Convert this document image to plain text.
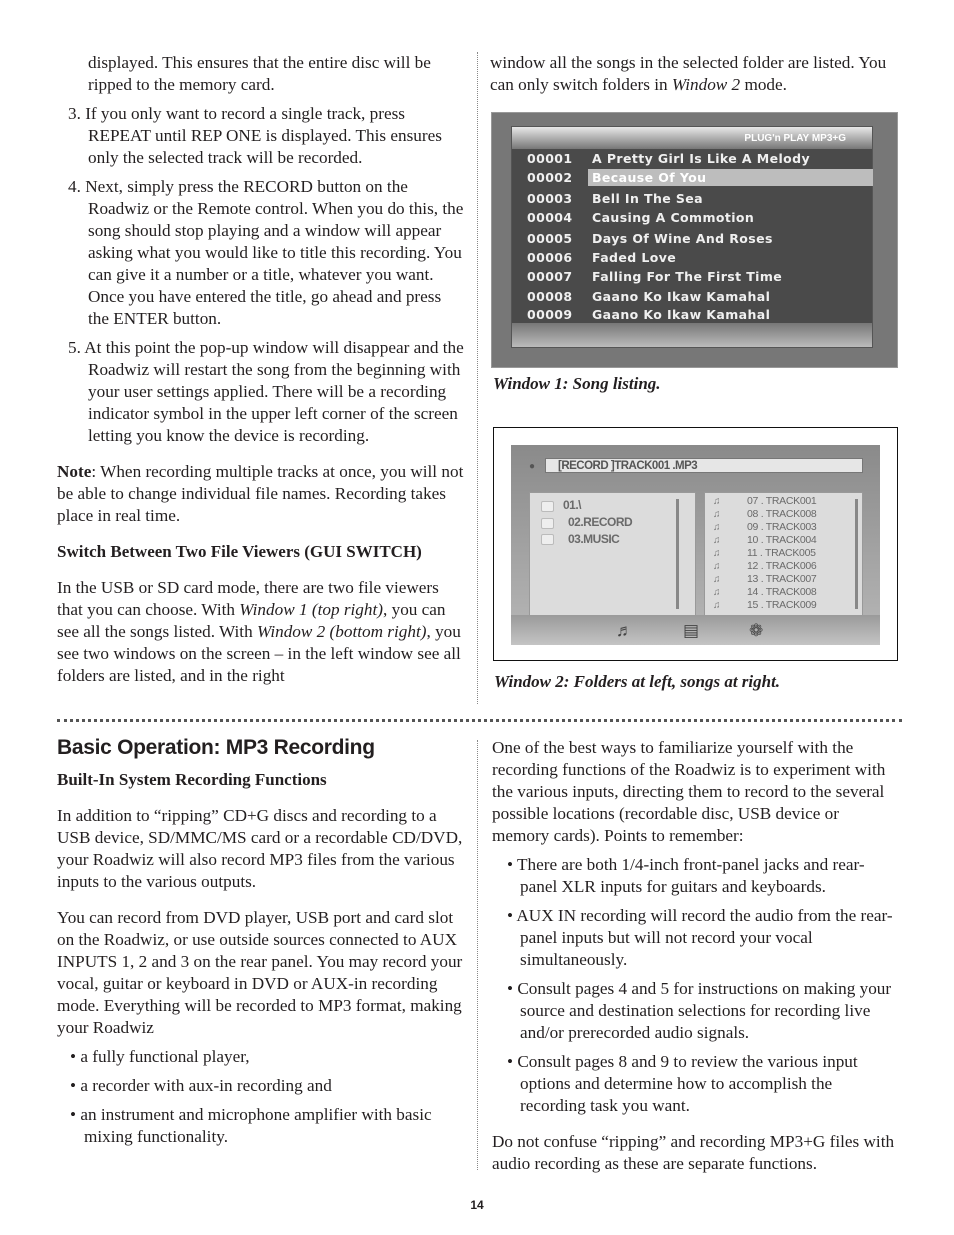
displayed. This ensures that the entire disc will be ripped to the memory card.
3. If you only want to record a single track, press REPEAT until REP ONE is displayed. This ensures only the selected track will be recorded.
4. Next, simply press the RECORD button on the Roadwiz or the Remote control. When you do this, the song should stop playing and a window will appear asking what you would like to title this recording. You can give it a number or a title, whatever you want. Once you have entered the title, go ahead and press the ENTER button.
5. At this point the pop-up window will disappear and the Roadwiz will restart the song from the beginning with your user settings applied. There will be a recording indicator symbol in the upper left corner of the screen letting you know the device is recording.

Note: When recording multiple tracks at once, you will not be able to change individual file names. Recording takes place in real time.

Switch Between Two File Viewers (GUI SWITCH)

In the USB or SD card mode, there are two file viewers that you can choose. With Window 1 (top right), you can see all the songs listed. With Window 2 (bottom right), you see two windows on the screen – in the left window see all folders are listed, and in the right

window all the songs in the selected folder are listed. You can only switch folders in Window 2 mode.

PLUG'n PLAY MP3+G
00001 A Pretty Girl Is Like A Melody
00002 Because Of You
00003 Bell In The Sea
00004 Causing A Commotion
00005 Days Of Wine And Roses
00006 Faded Love
00007 Falling For The First Time
00008 Gaano Ko Ikaw Kamahal
00009 Gaano Ko Ikaw Kamahal
Window 1: Song listing.
●	[RECORD ]TRACK001 .MP3
01.\
02.RECORD
03.MUSIC
♫	07 . TRACK001
♫	08 . TRACK008
♫	09 . TRACK003
♫	10 . TRACK004
♫	11 . TRACK005
♫	12 . TRACK006
♫	13 . TRACK007
♫	14 . TRACK008
♫	15 . TRACK009
♬	▤	❁
Window 2: Folders at left, songs at right.
Basic Operation: MP3 Recording

Built-In System Recording Functions

In addition to “ripping” CD+G discs and recording to a USB device, SD/MMC/MS card or a recordable CD/DVD, your Roadwiz will also record MP3 files from the various inputs to the various outputs.

You can record from DVD player, USB port and card slot on the Roadwiz, or use outside sources connected to AUX INPUTS 1, 2 and 3 on the rear panel. You may record your vocal, guitar or keyboard in DVD or AUX-in recording mode. Everything will be recorded to MP3 format, making your Roadwiz

• a fully functional player,
• a recorder with aux-in recording and
• an instrument and microphone amplifier with basic mixing functionality.

One of the best ways to familiarize yourself with the recording functions of the Roadwiz is to experiment with the various inputs, directing them to record to the several possible locations (recordable disc, USB device or memory cards). Points to remember:

• There are both 1/4-inch front-panel jacks and rear-panel XLR inputs for guitars and keyboards.
• AUX IN recording will record the audio from the rear-panel inputs but will not record your vocal simultaneously.
• Consult pages 4 and 5 for instructions on making your source and destination selections for recording live and/or prerecorded audio signals.
• Consult pages 8 and 9 to review the various input options and determine how to accomplish the recording task you want.

Do not confuse “ripping” and recording MP3+G files with audio recording as these are separate functions.

14
